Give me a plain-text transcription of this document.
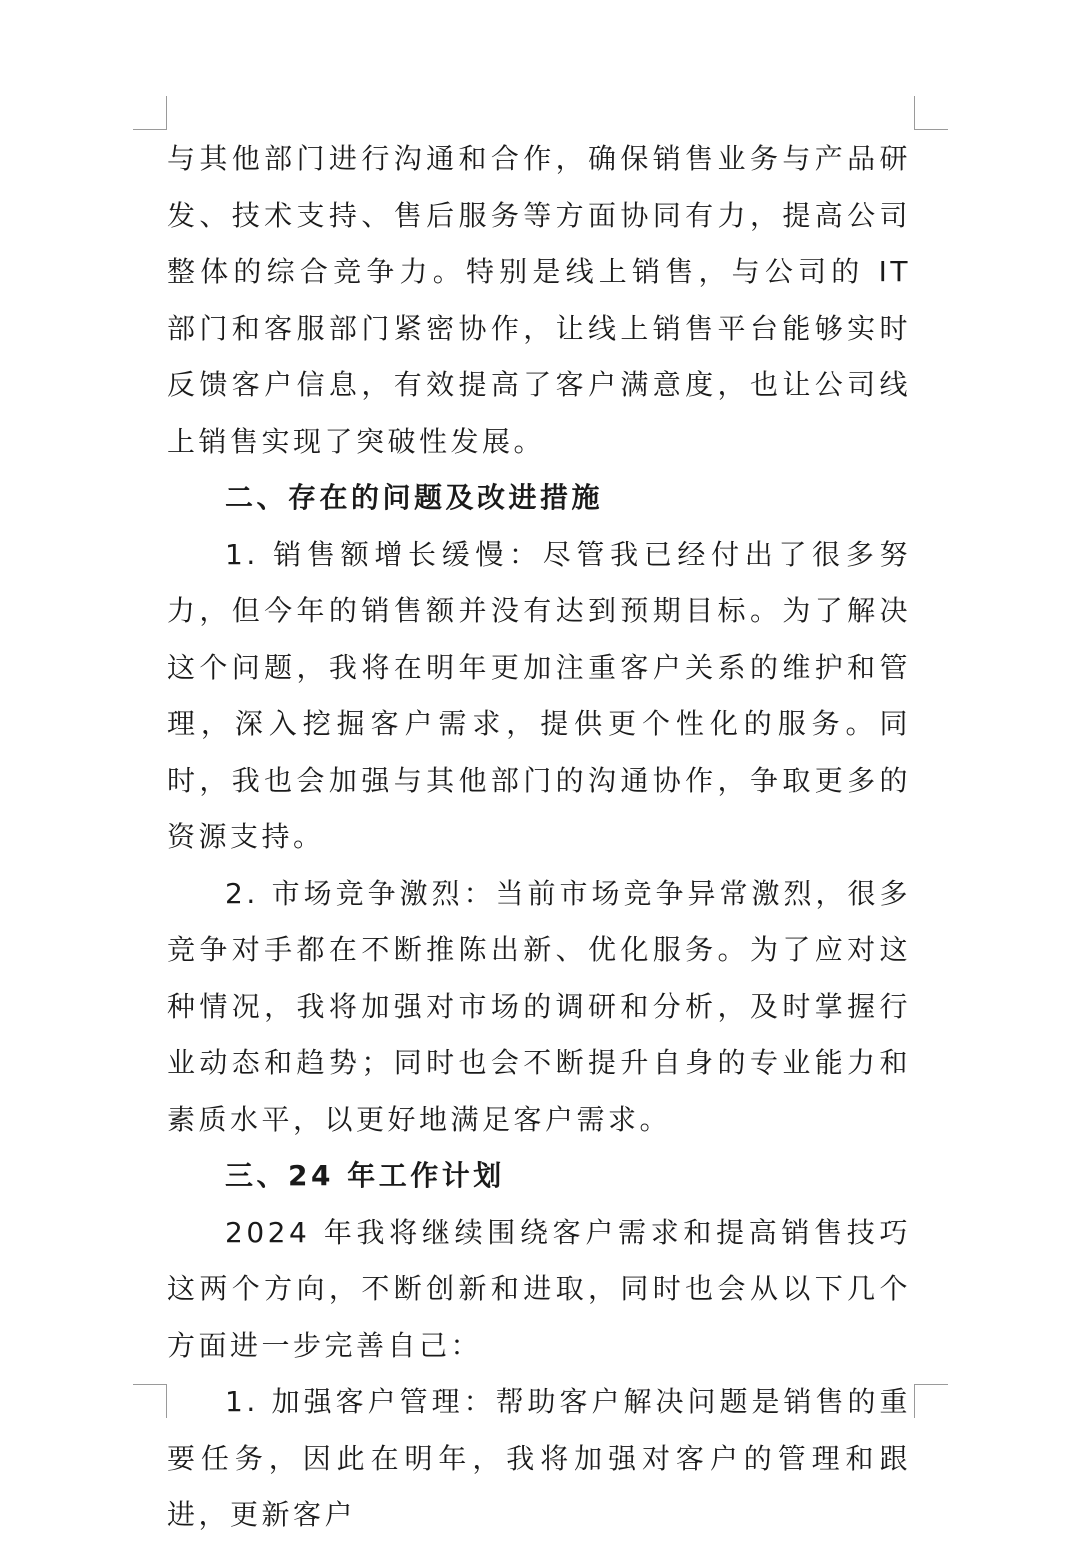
与其他部门进行沟通和合作，确保销售业务与产品研发、技术支持、售后服务等方面协同有力，提高公司整体的综合竞争力。特别是线上销售，与公司的 IT 部门和客服部门紧密协作，让线上销售平台能够实时反馈客户信息，有效提高了客户满意度，也让公司线上销售实现了突破性发展。

二、存在的问题及改进措施

1. 销售额增长缓慢：尽管我已经付出了很多努力，但今年的销售额并没有达到预期目标。为了解决这个问题，我将在明年更加注重客户关系的维护和管理，深入挖掘客户需求，提供更个性化的服务。同时，我也会加强与其他部门的沟通协作，争取更多的资源支持。

2. 市场竞争激烈：当前市场竞争异常激烈，很多竞争对手都在不断推陈出新、优化服务。为了应对这种情况，我将加强对市场的调研和分析，及时掌握行业动态和趋势；同时也会不断提升自身的专业能力和素质水平，以更好地满足客户需求。

三、24 年工作计划

2024 年我将继续围绕客户需求和提高销售技巧这两个方向，不断创新和进取，同时也会从以下几个方面进一步完善自己：

1. 加强客户管理：帮助客户解决问题是销售的重要任务，因此在明年，我将加强对客户的管理和跟进，更新客户
